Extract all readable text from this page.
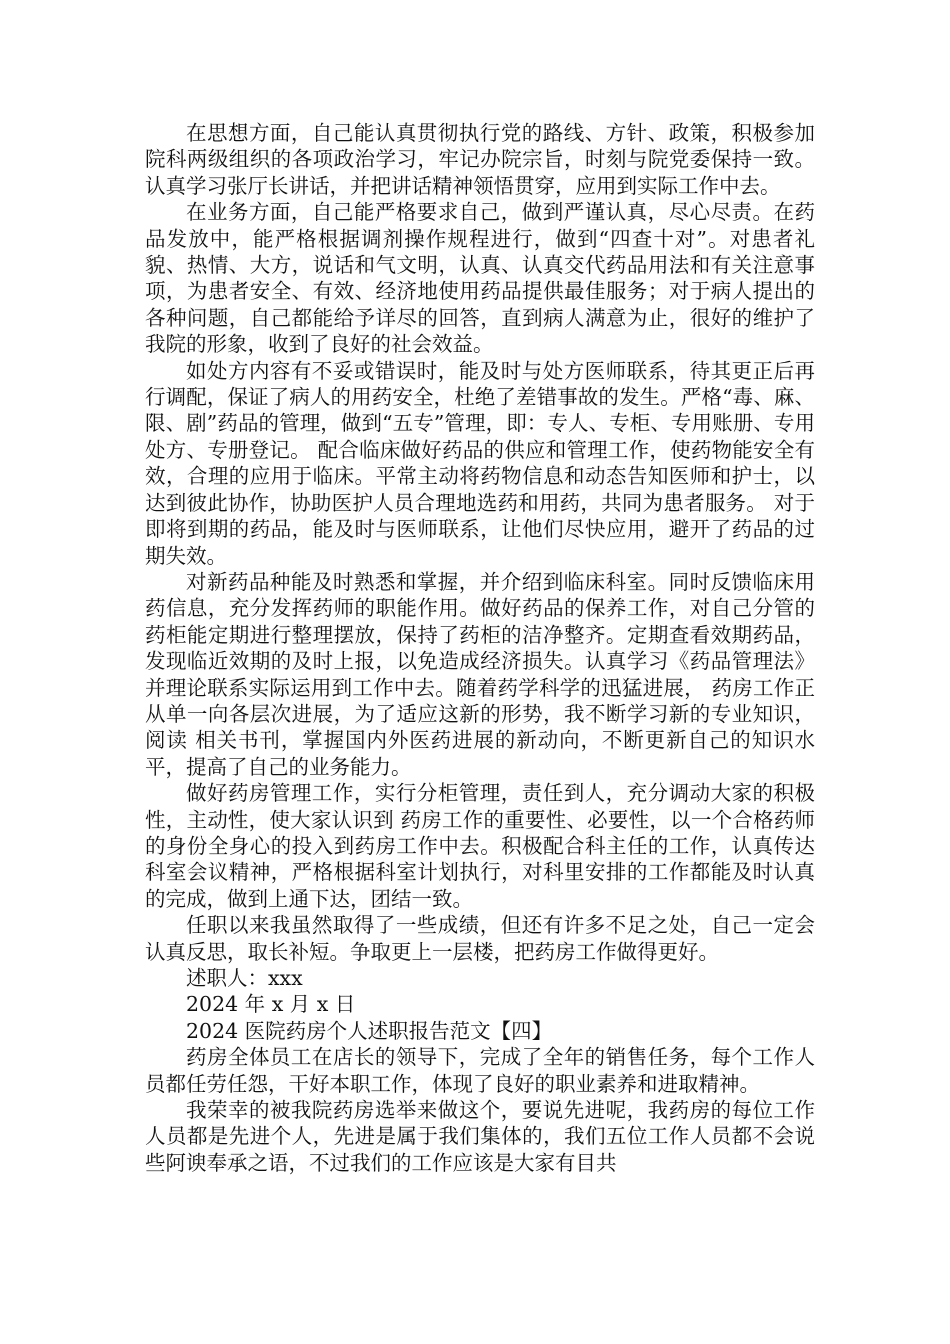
在思想方面，自己能认真贯彻执行党的路线、方针、政策，积极参加院科两级组织的各项政治学习，牢记办院宗旨，时刻与院党委保持一致。认真学习张厅长讲话，并把讲话精神领悟贯穿，应用到实际工作中去。

在业务方面，自己能严格要求自己，做到严谨认真，尽心尽责。在药品发放中，能严格根据调剂操作规程进行，做到“四查十对”。对患者礼貌、热情、大方，说话和气文明，认真、认真交代药品用法和有关注意事项，为患者安全、有效、经济地使用药品提供最佳服务；对于病人提出的各种问题，自己都能给予详尽的回答，直到病人满意为止，很好的维护了我院的形象，收到了良好的社会效益。

如处方内容有不妥或错误时，能及时与处方医师联系，待其更正后再行调配，保证了病人的用药安全，杜绝了差错事故的发生。严格“毒、麻、限、剧”药品的管理，做到“五专”管理，即：专人、专柜、专用账册、专用处方、专册登记。 配合临床做好药品的供应和管理工作，使药物能安全有效，合理的应用于临床。平常主动将药物信息和动态告知医师和护士，以达到彼此协作，协助医护人员合理地选药和用药，共同为患者服务。 对于即将到期的药品，能及时与医师联系，让他们尽快应用，避开了药品的过期失效。

对新药品种能及时熟悉和掌握，并介绍到临床科室。同时反馈临床用药信息，充分发挥药师的职能作用。做好药品的保养工作，对自己分管的药柜能定期进行整理摆放，保持了药柜的洁净整齐。定期查看效期药品，发现临近效期的及时上报，以免造成经济损失。认真学习《药品管理法》并理论联系实际运用到工作中去。随着药学科学的迅猛进展， 药房工作正从单一向各层次进展，为了适应这新的形势，我不断学习新的专业知识，阅读 相关书刊，掌握国内外医药进展的新动向，不断更新自己的知识水平，提高了自己的业务能力。

做好药房管理工作，实行分柜管理，责任到人，充分调动大家的积极性，主动性，使大家认识到 药房工作的重要性、必要性，以一个合格药师的身份全身心的投入到药房工作中去。积极配合科主任的工作，认真传达科室会议精神，严格根据科室计划执行，对科里安排的工作都能及时认真的完成，做到上通下达，团结一致。

任职以来我虽然取得了一些成绩，但还有许多不足之处，自己一定会认真反思，取长补短。争取更上一层楼，把药房工作做得更好。

述职人：xxx

2024 年 x 月 x 日

2024 医院药房个人述职报告范文【四】

药房全体员工在店长的领导下，完成了全年的销售任务，每个工作人员都任劳任怨，干好本职工作，体现了良好的职业素养和进取精神。

我荣幸的被我院药房选举来做这个，要说先进呢，我药房的每位工作人员都是先进个人，先进是属于我们集体的，我们五位工作人员都不会说些阿谀奉承之语，不过我们的工作应该是大家有目共
